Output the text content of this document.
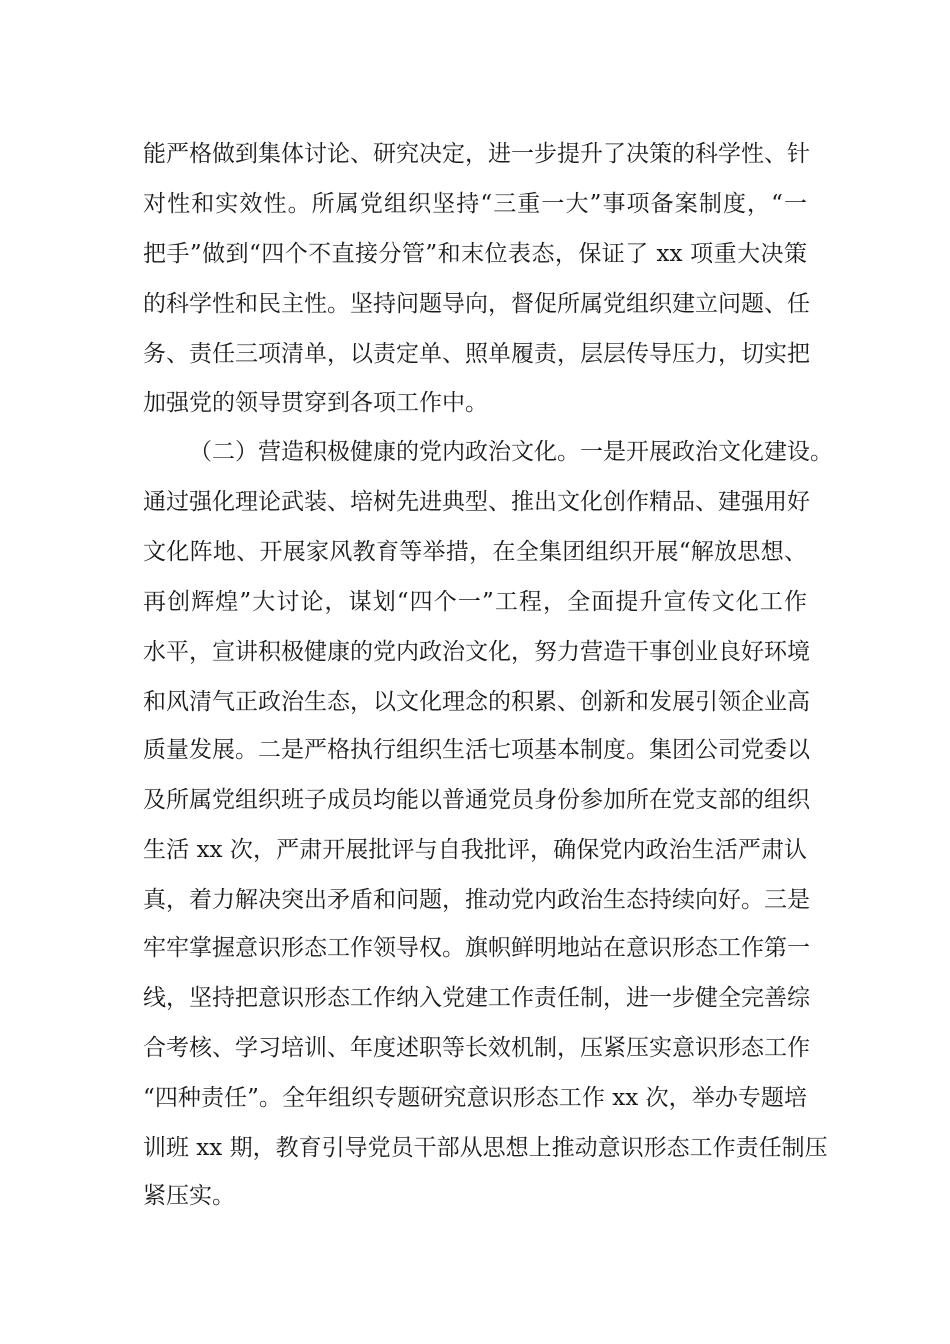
能严格做到集体讨论、研究决定，进一步提升了决策的科学性、针
对性和实效性。所属党组织坚持“三重一大”事项备案制度，“一
把手”做到“四个不直接分管”和末位表态，保证了 xx 项重大决策
的科学性和民主性。坚持问题导向，督促所属党组织建立问题、任
务、责任三项清单，以责定单、照单履责，层层传导压力，切实把
加强党的领导贯穿到各项工作中。
（二）营造积极健康的党内政治文化。一是开展政治文化建设。
通过强化理论武装、培树先进典型、推出文化创作精品、建强用好
文化阵地、开展家风教育等举措，在全集团组织开展“解放思想、
再创辉煌”大讨论，谋划“四个一”工程，全面提升宣传文化工作
水平，宣讲积极健康的党内政治文化，努力营造干事创业良好环境
和风清气正政治生态，以文化理念的积累、创新和发展引领企业高
质量发展。二是严格执行组织生活七项基本制度。集团公司党委以
及所属党组织班子成员均能以普通党员身份参加所在党支部的组织
生活 xx 次，严肃开展批评与自我批评，确保党内政治生活严肃认
真，着力解决突出矛盾和问题，推动党内政治生态持续向好。三是
牢牢掌握意识形态工作领导权。旗帜鲜明地站在意识形态工作第一
线，坚持把意识形态工作纳入党建工作责任制，进一步健全完善综
合考核、学习培训、年度述职等长效机制，压紧压实意识形态工作
“四种责任”。全年组织专题研究意识形态工作 xx 次，举办专题培
训班 xx 期，教育引导党员干部从思想上推动意识形态工作责任制压
紧压实。
